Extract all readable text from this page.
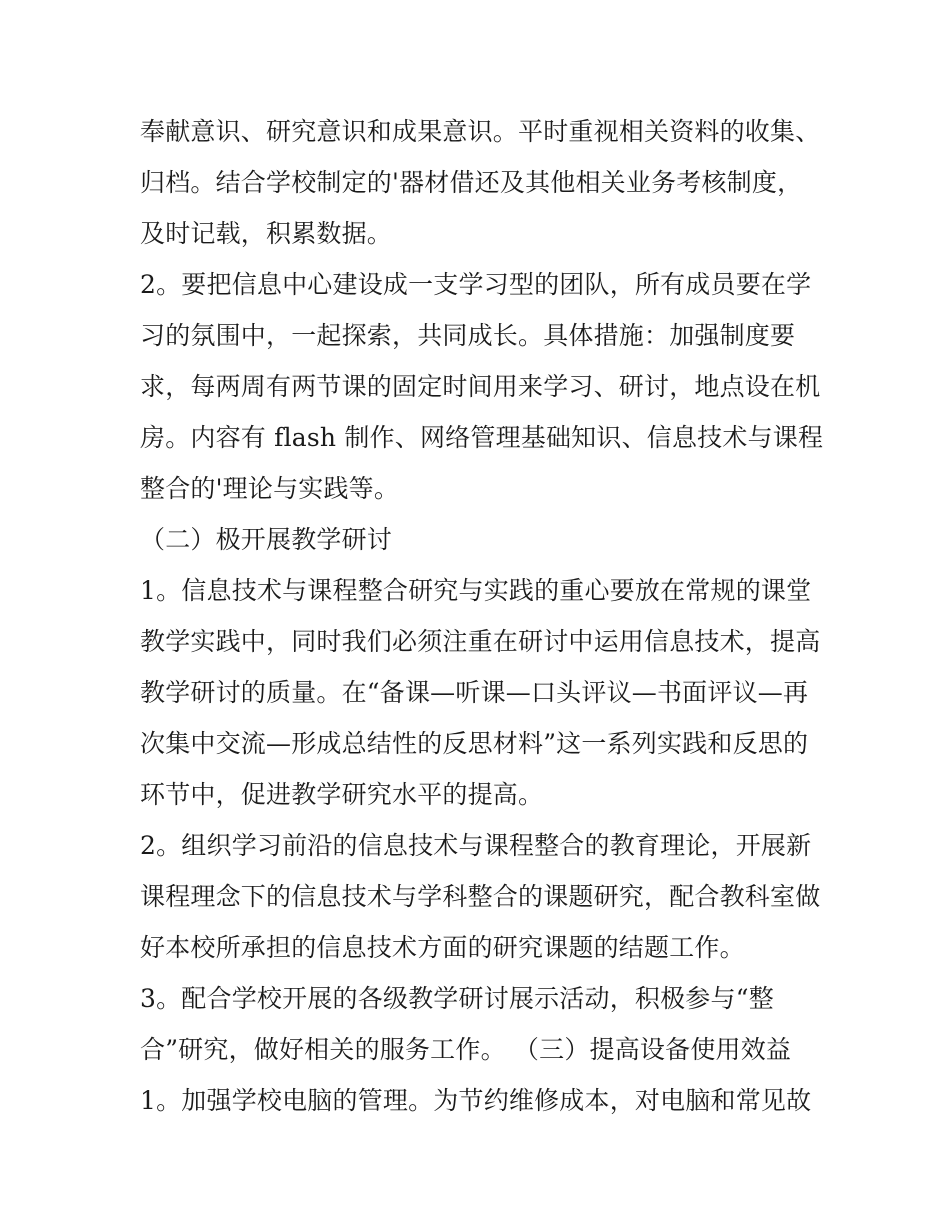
奉献意识、研究意识和成果意识。平时重视相关资料的收集、
归档。结合学校制定的'器材借还及其他相关业务考核制度，
及时记载，积累数据。
2。要把信息中心建设成一支学习型的团队，所有成员要在学
习的氛围中，一起探索，共同成长。具体措施：加强制度要
求，每两周有两节课的固定时间用来学习、研讨，地点设在机
房。内容有 flash 制作、网络管理基础知识、信息技术与课程
整合的'理论与实践等。
（二）极开展教学研讨
1。信息技术与课程整合研究与实践的重心要放在常规的课堂
教学实践中，同时我们必须注重在研讨中运用信息技术，提高
教学研讨的质量。在“备课—听课—口头评议—书面评议—再
次集中交流—形成总结性的反思材料”这一系列实践和反思的
环节中，促进教学研究水平的提高。
2。组织学习前沿的信息技术与课程整合的教育理论，开展新
课程理念下的信息技术与学科整合的课题研究，配合教科室做
好本校所承担的信息技术方面的研究课题的结题工作。
3。配合学校开展的各级教学研讨展示活动，积极参与“整
合”研究，做好相关的服务工作。 （三）提高设备使用效益
1。加强学校电脑的管理。为节约维修成本，对电脑和常见故
